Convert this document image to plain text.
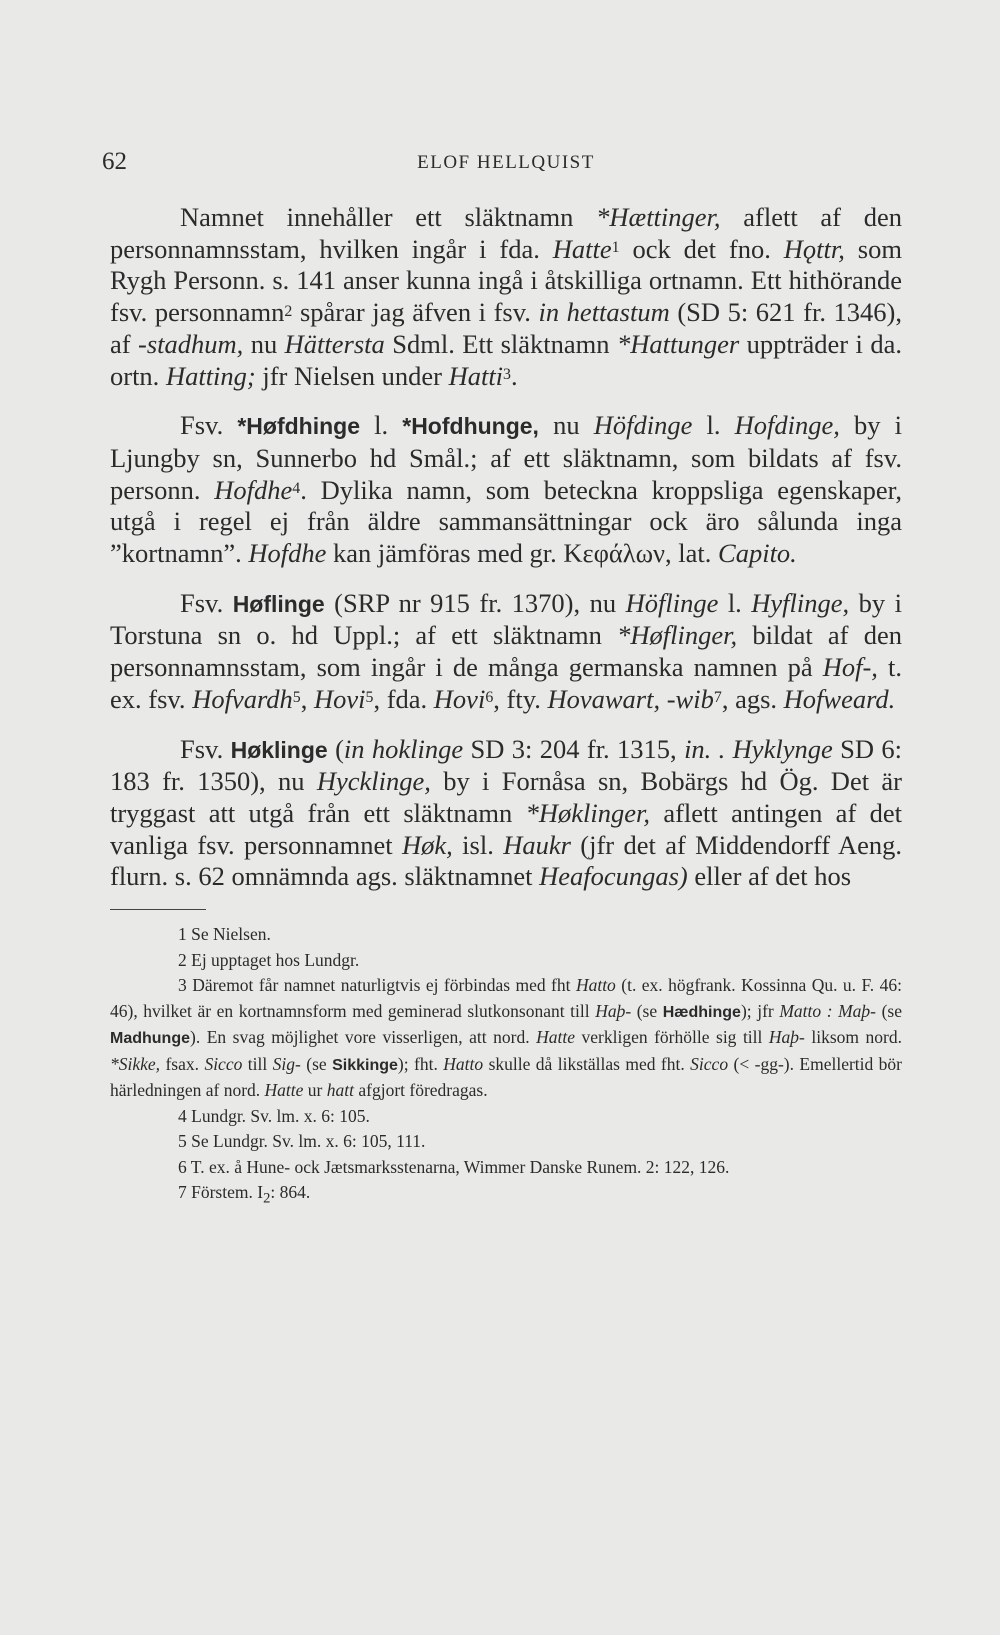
62	ELOF HELLQUIST

Namnet innehåller ett släktnamn *Hættinger, aflett af den personnamnsstam, hvilken ingår i fda. Hatte$^1$ ock det fno. Hǫttr, som Rygh Personn. s. 141 anser kunna ingå i åtskilliga ortnamn. Ett hithörande fsv. personnamn$^2$ spårar jag äfven i fsv. in hettastum (SD 5: 621 fr. 1346), af -stadhum, nu Hättersta Sdml. Ett släktnamn *Hattunger uppträder i da. ortn. Hatting; jfr Nielsen under Hatti$^3$.

Fsv. *Høfdhinge l. *Hofdhunge, nu Höfdinge l. Hofdinge, by i Ljungby sn, Sunnerbo hd Smål.; af ett släktnamn, som bildats af fsv. personn. Hofdhe$^4$. Dylika namn, som beteckna kroppsliga egenskaper, utgå i regel ej från äldre sammansättningar ock äro sålunda inga ”kortnamn”. Hofdhe kan jämföras med gr. Κεφάλων, lat. Capito.

Fsv. Høflinge (SRP nr 915 fr. 1370), nu Höflinge l. Hyflinge, by i Torstuna sn o. hd Uppl.; af ett släktnamn *Høflinger, bildat af den personnamnsstam, som ingår i de många germanska namnen på Hof-, t. ex. fsv. Hofvardh$^5$, Hovi$^5$, fda. Hovi$^6$, fty. Hovawart, -wib$^7$, ags. Hofweard.

Fsv. Høklinge (in hoklinge SD 3: 204 fr. 1315, in. . Hyklynge SD 6: 183 fr. 1350), nu Hycklinge, by i Fornåsa sn, Bobärgs hd Ög. Det är tryggast att utgå från ett släktnamn *Høklinger, aflett antingen af det vanliga fsv. personnamnet Høk, isl. Haukr (jfr det af Middendorff Aeng. flurn. s. 62 omnämnda ags. släktnamnet Heafocungas) eller af det hos

1 Se Nielsen.

2 Ej upptaget hos Lundgr.

3 Däremot får namnet naturligtvis ej förbindas med fht Hatto (t. ex. högfrank. Kossinna Qu. u. F. 46: 46), hvilket är en kortnamnsform med geminerad slutkonsonant till Haþ- (se Hædhinge); jfr Matto : Maþ- (se Madhunge). En svag möjlighet vore visserligen, att nord. Hatte verkligen förhölle sig till Haþ- liksom nord. *Sikke, fsax. Sicco till Sig- (se Sikkinge); fht. Hatto skulle då likställas med fht. Sicco (< -gg-). Emellertid bör härledningen af nord. Hatte ur hatt afgjort föredragas.

4 Lundgr. Sv. lm. x. 6: 105.

5 Se Lundgr. Sv. lm. x. 6: 105, 111.

6 T. ex. å Hune- ock Jætsmarksstenarna, Wimmer Danske Runem. 2: 122, 126.

7 Förstem. $I_2$: 864.
